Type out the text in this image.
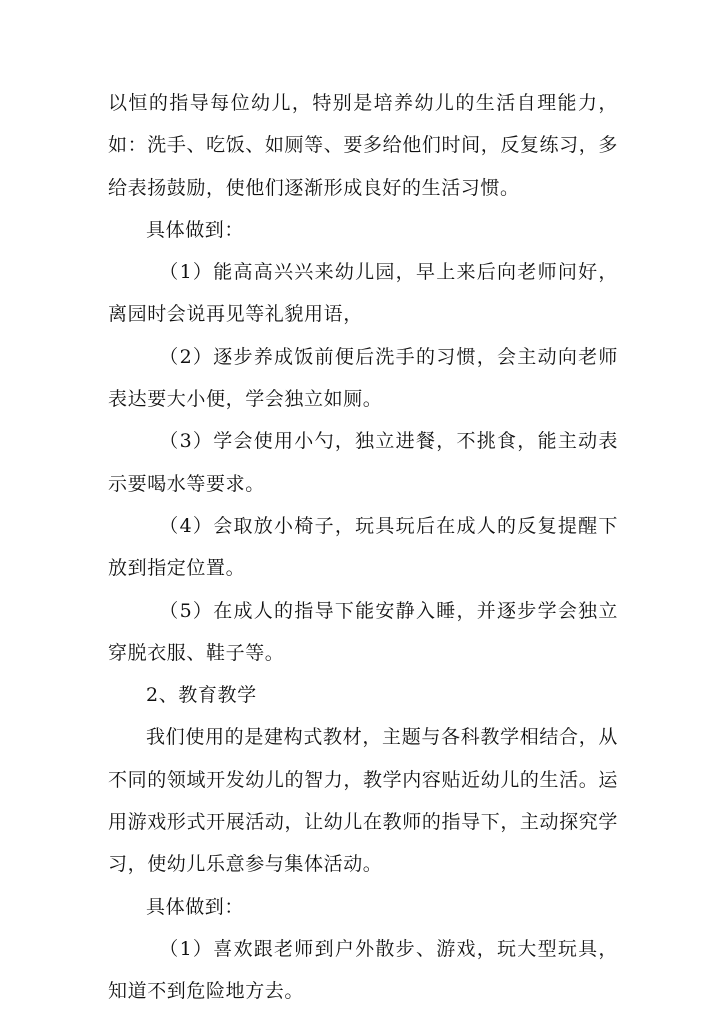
以恒的指导每位幼儿，特别是培养幼儿的生活自理能力，如：洗手、吃饭、如厕等、要多给他们时间，反复练习，多给表扬鼓励，使他们逐渐形成良好的生活习惯。

具体做到：

（1）能高高兴兴来幼儿园，早上来后向老师问好，离园时会说再见等礼貌用语，

（2）逐步养成饭前便后洗手的习惯，会主动向老师表达要大小便，学会独立如厕。

（3）学会使用小勺，独立进餐，不挑食，能主动表示要喝水等要求。

（4）会取放小椅子，玩具玩后在成人的反复提醒下放到指定位置。

（5）在成人的指导下能安静入睡，并逐步学会独立穿脱衣服、鞋子等。

2、教育教学

我们使用的是建构式教材，主题与各科教学相结合，从不同的领域开发幼儿的智力，教学内容贴近幼儿的生活。运用游戏形式开展活动，让幼儿在教师的指导下，主动探究学习，使幼儿乐意参与集体活动。

具体做到：

（1）喜欢跟老师到户外散步、游戏，玩大型玩具，知道不到危险地方去。
